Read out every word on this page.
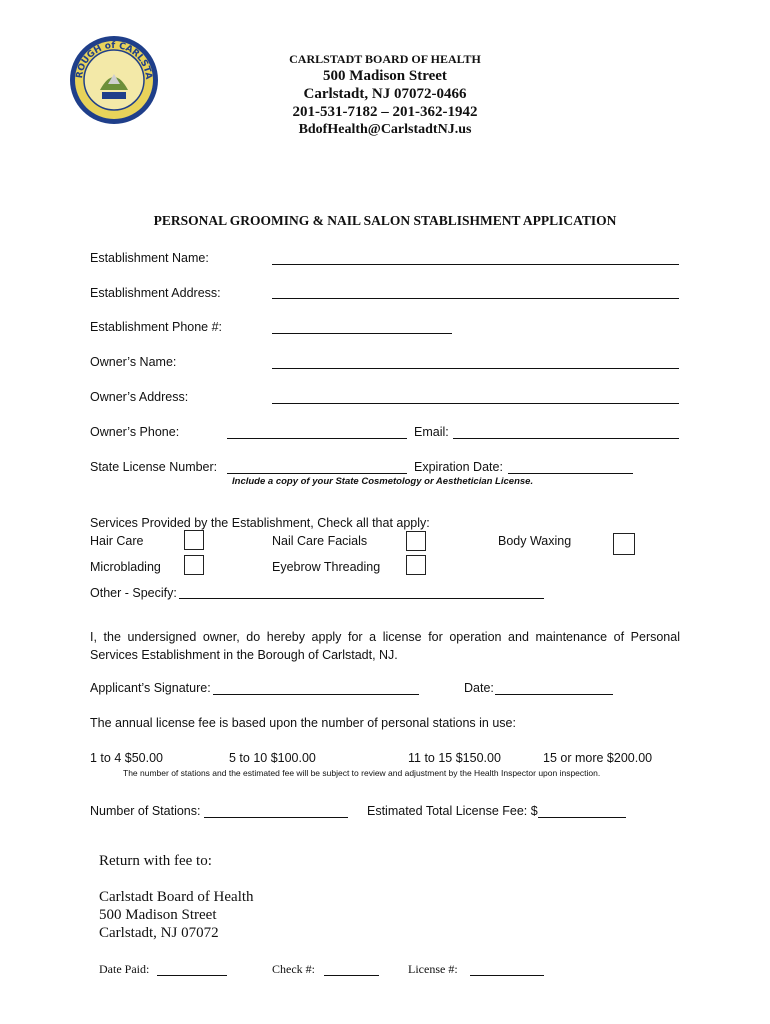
ROUGH of CARLSTA
CARLSTADT BOARD OF HEALTH
500 Madison Street
Carlstadt, NJ 07072-0466
201-531-7182 – 201-362-1942
BdofHealth@CarlstadtNJ.us
PERSONAL GROOMING & NAIL SALON STABLISHMENT APPLICATION
Establishment Name:
Establishment Address:
Establishment Phone #:
Owner’s Name:
Owner’s Address:
Owner’s Phone:	Email:
State License Number:	Expiration Date:
Include a copy of your State Cosmetology or Aesthetician License.
Services Provided by the Establishment, Check all that apply:
Hair Care	Nail Care Facials	Body Waxing
Microblading	Eyebrow Threading
Other - Specify:
I, the undersigned owner, do hereby apply for a license for operation and maintenance of Personal Services Establishment in the Borough of Carlstadt, NJ.
Applicant’s Signature:	Date:
The annual license fee is based upon the number of personal stations in use:
1 to 4 $50.00	5 to 10 $100.00	11 to 15 $150.00	15 or more $200.00
The number of stations and the estimated fee will be subject to review and adjustment by the Health Inspector upon inspection.
Number of Stations:	Estimated Total License Fee: $
Return with fee to:
Carlstadt Board of Health
500 Madison Street
Carlstadt, NJ 07072
Date Paid:	Check #:	License #:
